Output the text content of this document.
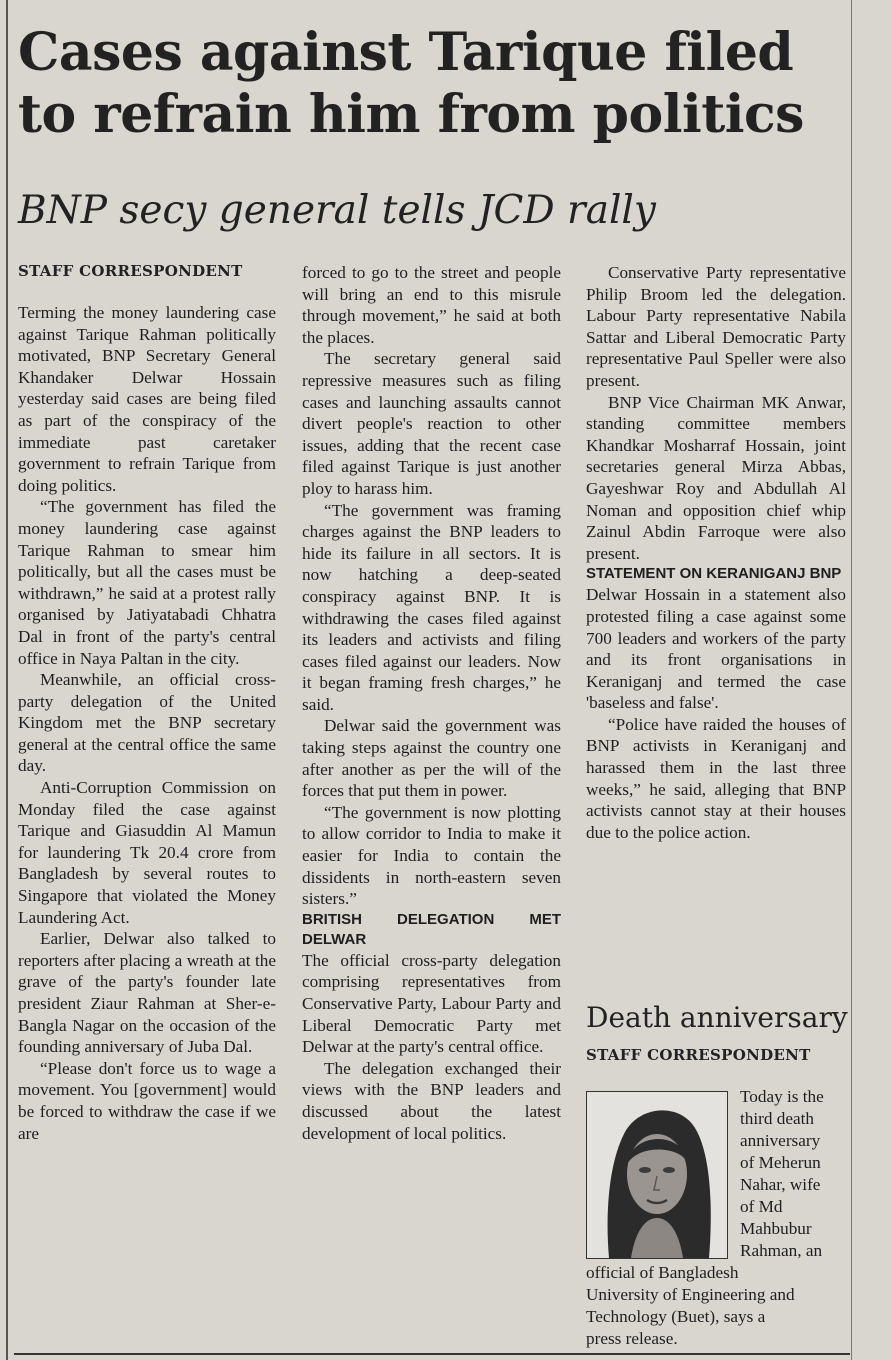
Cases against Tarique filed to refrain him from politics
BNP secy general tells JCD rally
STAFF CORRESPONDENT

Terming the money laundering case against Tarique Rahman politically motivated, BNP Secretary General Khandaker Delwar Hossain yesterday said cases are being filed as part of the conspiracy of the immediate past caretaker government to refrain Tarique from doing politics.

“The government has filed the money laundering case against Tarique Rahman to smear him politically, but all the cases must be withdrawn,” he said at a protest rally organised by Jatiyatabadi Chhatra Dal in front of the party's central office in Naya Paltan in the city.

Meanwhile, an official cross-party delegation of the United Kingdom met the BNP secretary general at the central office the same day.

Anti-Corruption Commission on Monday filed the case against Tarique and Giasuddin Al Mamun for laundering Tk 20.4 crore from Bangladesh by several routes to Singapore that violated the Money Laundering Act.

Earlier, Delwar also talked to reporters after placing a wreath at the grave of the party's founder late president Ziaur Rahman at Sher-e-Bangla Nagar on the occasion of the founding anniversary of Juba Dal.

“Please don't force us to wage a movement. You [government] would be forced to withdraw the case if we are

forced to go to the street and people will bring an end to this misrule through movement,” he said at both the places.

The secretary general said repressive measures such as filing cases and launching assaults cannot divert people's reaction to other issues, adding that the recent case filed against Tarique is just another ploy to harass him.

“The government was framing charges against the BNP leaders to hide its failure in all sectors. It is now hatching a deep-seated conspiracy against BNP. It is withdrawing the cases filed against its leaders and activists and filing cases filed against our leaders. Now it began framing fresh charges,” he said.

Delwar said the government was taking steps against the country one after another as per the will of the forces that put them in power.

“The government is now plotting to allow corridor to India to make it easier for India to contain the dissidents in north-eastern seven sisters.”

BRITISH DELEGATION MET DELWAR

The official cross-party delegation comprising representatives from Conservative Party, Labour Party and Liberal Democratic Party met Delwar at the party's central office.

The delegation exchanged their views with the BNP leaders and discussed about the latest development of local politics.

Conservative Party representative Philip Broom led the delegation. Labour Party representative Nabila Sattar and Liberal Democratic Party representative Paul Speller were also present.

BNP Vice Chairman MK Anwar, standing committee members Khandkar Mosharraf Hossain, joint secretaries general Mirza Abbas, Gayeshwar Roy and Abdullah Al Noman and opposition chief whip Zainul Abdin Farroque were also present.

STATEMENT ON KERANIGANJ BNP

Delwar Hossain in a statement also protested filing a case against some 700 leaders and workers of the party and its front organisations in Keraniganj and termed the case 'baseless and false'.

“Police have raided the houses of BNP activists in Keraniganj and harassed them in the last three weeks,” he said, alleging that BNP activists cannot stay at their houses due to the police action.

Death anniversary
STAFF CORRESPONDENT
Today is the
third death
anniversary
of Meherun
Nahar, wife
of Md
Mahbubur
Rahman, an
official of Bangladesh
University of Engineering and
Technology (Buet), says a
press release.
